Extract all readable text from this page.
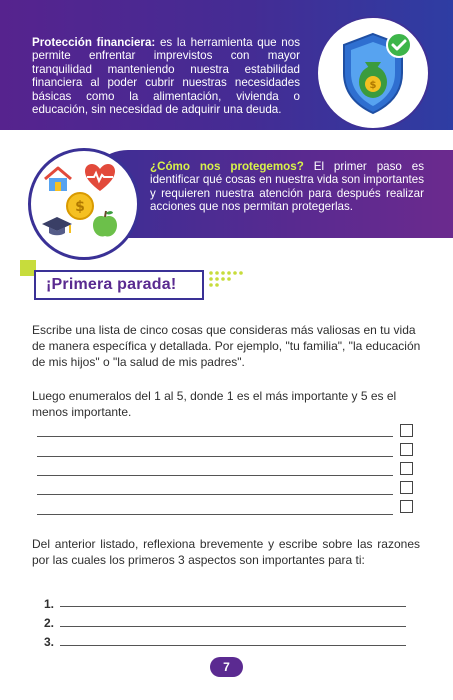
Protección financiera: es la herramienta que nos permite enfrentar imprevistos con mayor tranquilidad manteniendo nuestra estabilidad financiera al poder cubrir nuestras necesidades básicas como la alimentación, vivienda o educación, sin necesidad de adquirir una deuda.
$
$
¿Cómo nos protegemos? El primer paso es identificar qué cosas en nuestra vida son importantes y requieren nuestra atención para después realizar acciones que nos permitan protegerlas.
¡Primera parada!
Escribe una lista de cinco cosas que consideras más valiosas en tu vida de manera específica y detallada. Por ejemplo, "tu familia", "la educación de mis hijos" o "la salud de mis padres".
Luego enumeralos del 1 al 5, donde 1 es el más importante y 5 es el menos importante.
Del anterior listado, reflexiona brevemente y escribe sobre las razones por las cuales los primeros 3 aspectos son importantes para ti:
1.
2.
3.
7
